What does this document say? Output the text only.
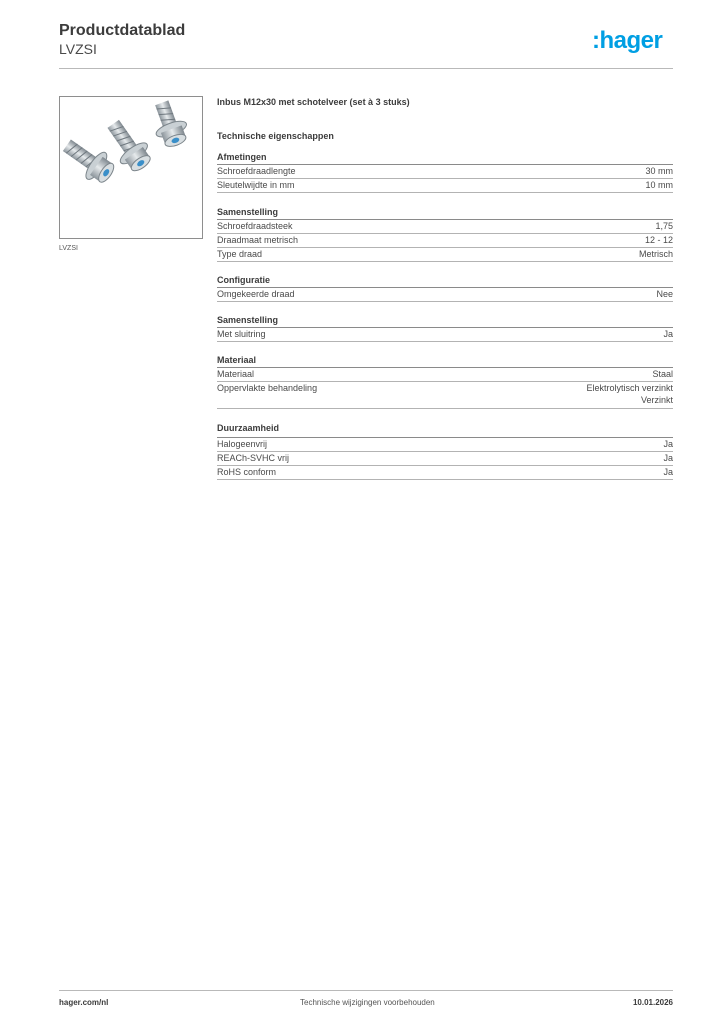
Productdatablad
LVZSI	:hager
LVZSI
Inbus M12x30 met schotelveer (set à 3 stuks)
Technische eigenschappen
Afmetingen
Schroefdraadlengte	30 mm
Sleutelwijdte in mm	10 mm
Samenstelling
Schroefdraadsteek	1,75
Draadmaat metrisch	12 - 12
Type draad	Metrisch
Configuratie
Omgekeerde draad	Nee
Samenstelling
Met sluitring	Ja
Materiaal
Materiaal	Staal
Oppervlakte behandeling	Elektrolytisch verzinkt
Verzinkt
Duurzaamheid
Halogeenvrij	Ja
REACh-SVHC vrij	Ja
RoHS conform	Ja
hager.com/nl	Technische wijzigingen voorbehouden	10.01.2026
